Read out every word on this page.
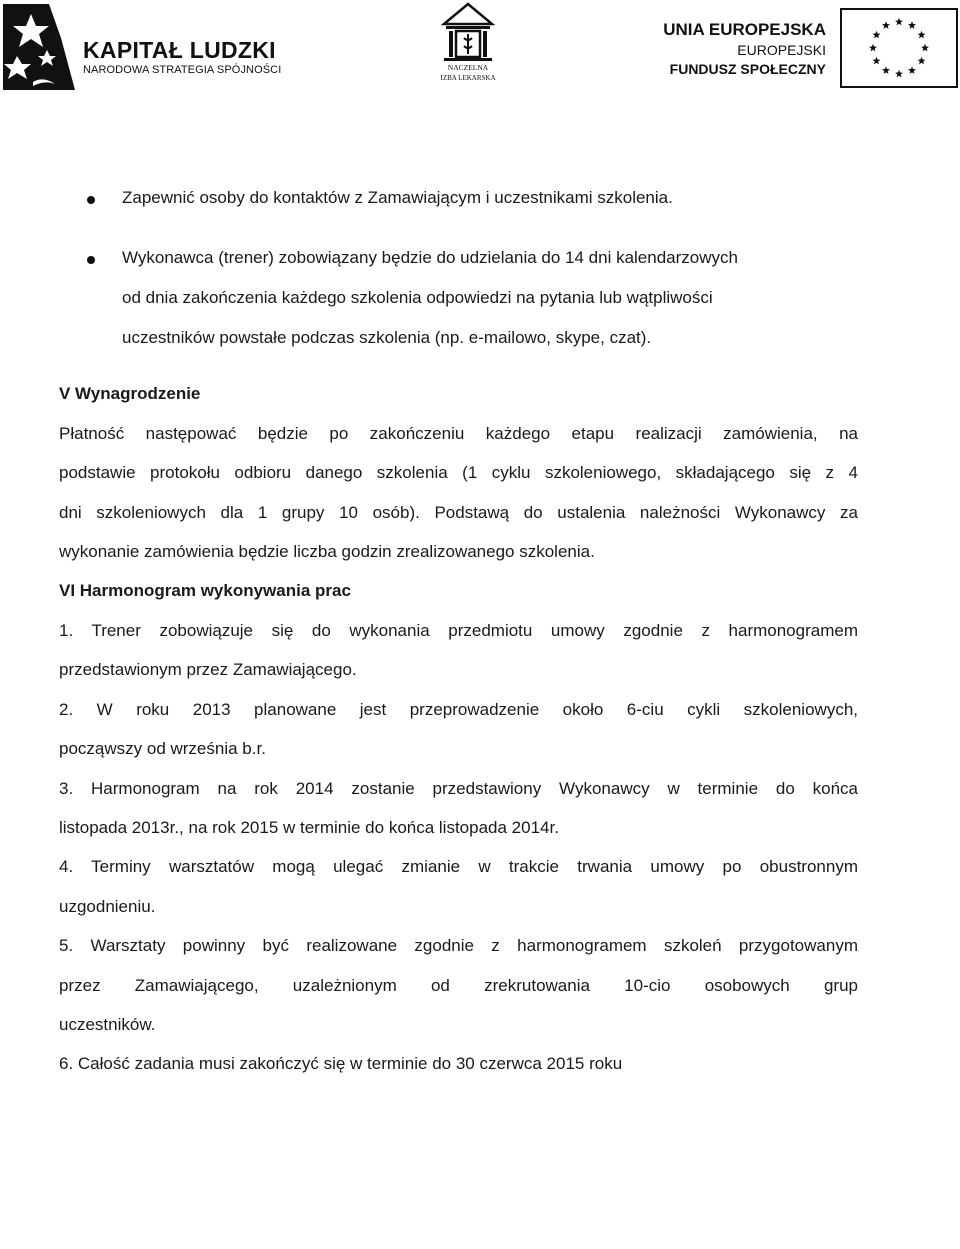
KAPITAŁ LUDZKI
NARODOWA STRATEGIA SPÓJNOŚCI	NACZELNA
IZBA LEKARSKA
UNIA EUROPEJSKA
EUROPEJSKI
FUNDUSZ SPOŁECZNY
Zapewnić osoby do kontaktów z Zamawiającym i uczestnikami szkolenia.
Wykonawca (trener) zobowiązany będzie do udzielania do 14 dni kalendarzowych
od dnia zakończenia każdego szkolenia odpowiedzi na pytania lub wątpliwości
uczestników powstałe podczas szkolenia (np. e-mailowo, skype, czat).
V Wynagrodzenie
Płatność następować będzie po zakończeniu każdego etapu realizacji zamówienia, na
podstawie protokołu odbioru danego szkolenia (1 cyklu szkoleniowego, składającego się z 4
dni szkoleniowych dla 1 grupy 10 osób). Podstawą do ustalenia należności Wykonawcy za
wykonanie zamówienia będzie liczba godzin zrealizowanego szkolenia.
VI Harmonogram wykonywania prac
1. Trener zobowiązuje się do wykonania przedmiotu umowy zgodnie z harmonogramem
przedstawionym przez Zamawiającego.
2. W roku 2013 planowane jest przeprowadzenie około 6-ciu cykli szkoleniowych,
począwszy od września b.r.
3. Harmonogram na rok 2014 zostanie przedstawiony Wykonawcy w terminie do końca
listopada 2013r., na rok 2015 w terminie do końca listopada 2014r.
4. Terminy warsztatów mogą ulegać zmianie w trakcie trwania umowy po obustronnym
uzgodnieniu.
5. Warsztaty powinny być realizowane zgodnie z harmonogramem szkoleń przygotowanym
przez Zamawiającego, uzależnionym od zrekrutowania 10-cio osobowych grup
uczestników.
6. Całość zadania musi zakończyć się w terminie do 30 czerwca 2015 roku
